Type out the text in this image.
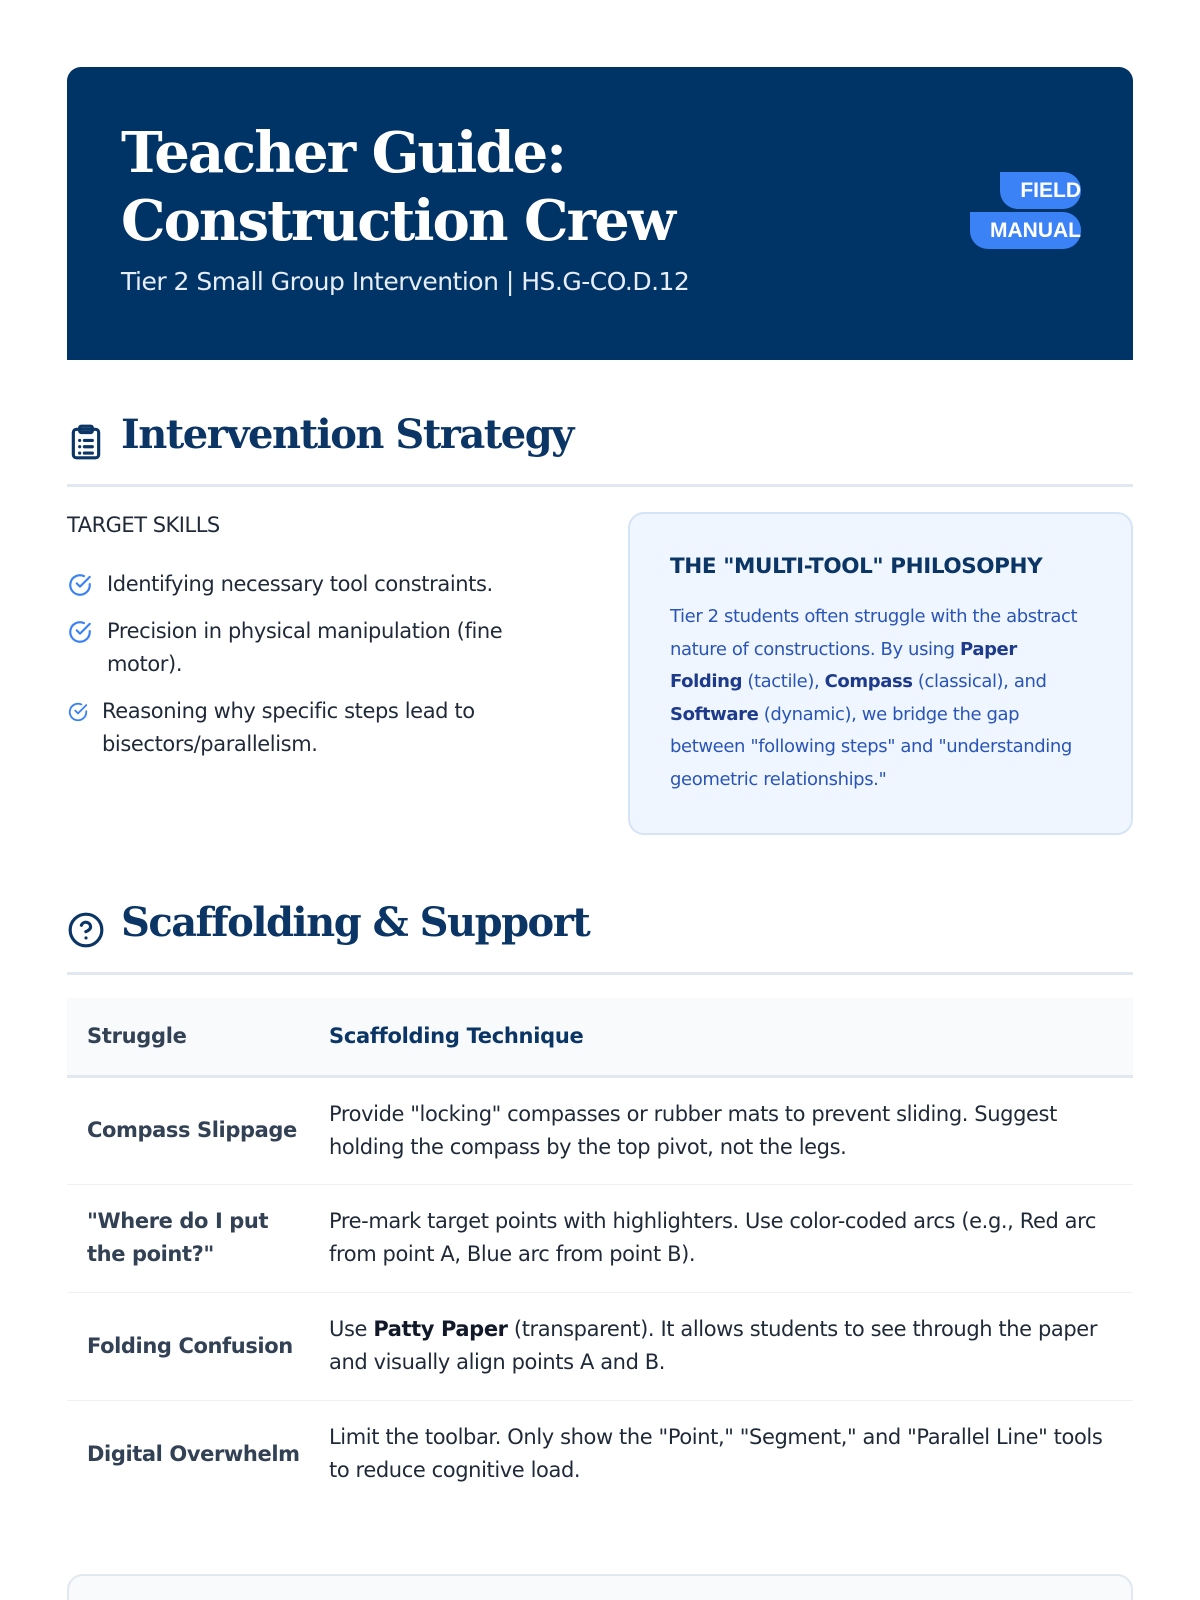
Teacher Guide: Construction Crew
Tier 2 Small Group Intervention | HS.G-CO.D.12
FIELD MANUAL
Intervention Strategy
TARGET SKILLS
Identifying necessary tool constraints.
Precision in physical manipulation (fine motor).
Reasoning why specific steps lead to bisectors/parallelism.
THE "MULTI-TOOL" PHILOSOPHY

Tier 2 students often struggle with the abstract nature of constructions. By using Paper Folding (tactile), Compass (classical), and Software (dynamic), we bridge the gap between "following steps" and "understanding geometric relationships."

Scaffolding & Support
Struggle	Scaffolding Technique
Compass Slippage	Provide "locking" compasses or rubber mats to prevent sliding. Suggest holding the compass by the top pivot, not the legs.
"Where do I put the point?"	Pre-mark target points with highlighters. Use color-coded arcs (e.g., Red arc from point A, Blue arc from point B).
Folding Confusion	Use Patty Paper (transparent). It allows students to see through the paper and visually align points A and B.
Digital Overwhelm	Limit the toolbar. Only show the "Point," "Segment," and "Parallel Line" tools to reduce cognitive load.
